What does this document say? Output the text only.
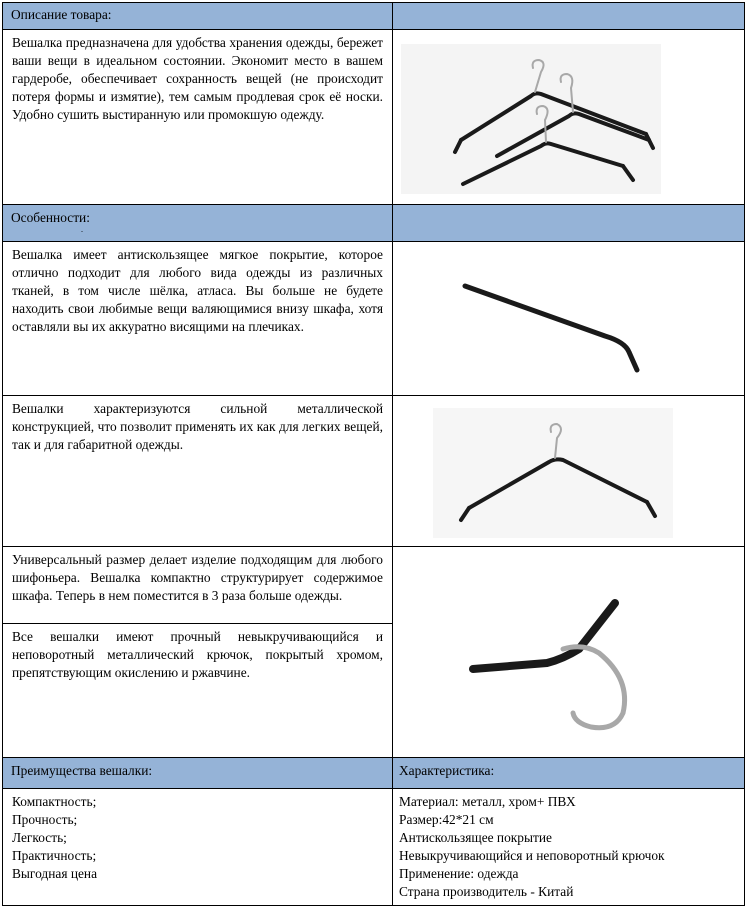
Описание товара:
Вешалка предназначена для удобства хранения одежды, бережет ваши вещи в идеальном состоянии. Экономит место в вашем гардеробе, обеспечивает сохранность вещей (не происходит потеря формы и измятие), тем самым продлевая срок её носки. Удобно сушить выстиранную или промокшую одежду.
Особенности:
.
Вешалка имеет антискользящее мягкое покрытие, которое отлично подходит для любого вида одежды из различных тканей, в том числе шёлка, атласа. Вы больше не будете находить свои любимые вещи валяющимися внизу шкафа, хотя оставляли вы их аккуратно висящими на плечиках.
Вешалки характеризуются сильной металлической конструкцией, что позволит применять их как для легких вещей, так и для габаритной одежды.
Универсальный размер делает изделие подходящим для любого шифоньера. Вешалка компактно структурирует содержимое шкафа. Теперь в нем поместится в 3 раза больше одежды.
Все вешалки имеют прочный невыкручивающийся и неповоротный металлический крючок, покрытый хромом, препятствующим окислению и ржавчине.
Преимущества вешалки:	Характеристика:
Компактность;
Прочность;
Легкость;
Практичность;
Выгодная цена
Материал: металл, хром+ ПВХ
Размер:42*21 см
Антискользящее покрытие
Невыкручивающийся и неповоротный крючок
Применение: одежда
Страна производитель - Китай
